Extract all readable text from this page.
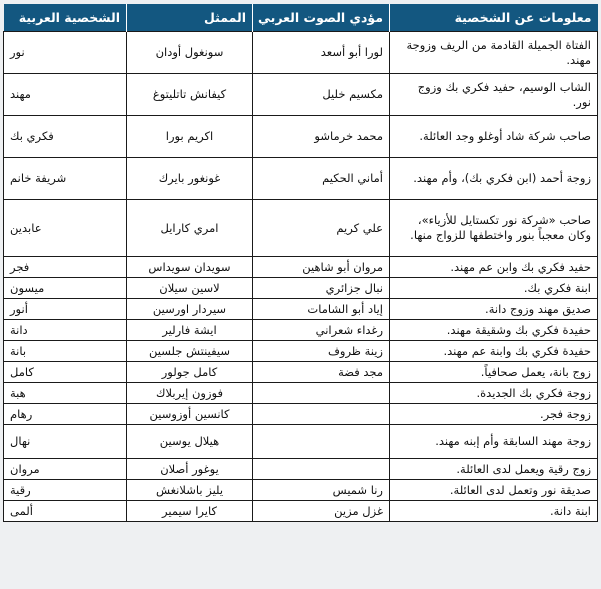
معلومات عن الشخصية	مؤدي الصوت العربي	الممثل	الشخصية العربية
الفتاة الجميلة القادمة من الريف وزوجة مهند.	لورا أبو أسعد	سونغول أودان	نور
الشاب الوسيم، حفيد فكري بك وزوج نور.	مكسيم خليل	كيفانش تاتليتوغ	مهند
صاحب شركة شاد أوغلو وجد العائلة.	محمد خرماشو	اكريم بورا	فكري بك
زوجة أحمد (ابن فكري بك)، وأم مهند.	أماني الحكيم	غونغور بايرك	شريفة خانم
صاحب «شركة نور تكستايل للأزياء»، وكان معجباً بنور واختطفها للزواج منها.	علي كريم	امري كارايل	عابدين
حفيد فكري بك وابن عم مهند.	مروان أبو شاهين	سويدان سويداس	فجر
ابنة فكري بك.	نبال جزائري	لاسين سيلان	ميسون
صديق مهند وزوج دانة.	إياد أبو الشامات	سيردار اورسين	أنور
حفيدة فكري بك وشقيقة مهند.	رغداء شعراني	ايشة فارلير	دانة
حفيدة فكري بك وابنة عم مهند.	زينة ظروف	سيفينتش جلسين	بانة
زوج بانة، يعمل صحافياً.	مجد فضة	كامل جولور	كامل
زوجة فكري بك الجديدة.		فوزون إيربلاك	هبة
زوجة فجر.		كانسين أوزوسين	رهام
زوجة مهند السابقة وأم إبنه مهند.		هيلال يوسين	نهال
زوج رقية ويعمل لدى العائلة.		يوغور أصلان	مروان
صديقة نور وتعمل لدى العائلة.	رنا شميس	يليز باشلانغش	رقية
ابنة دانة.	غزل مزين	كايرا سيمير	ألمى
